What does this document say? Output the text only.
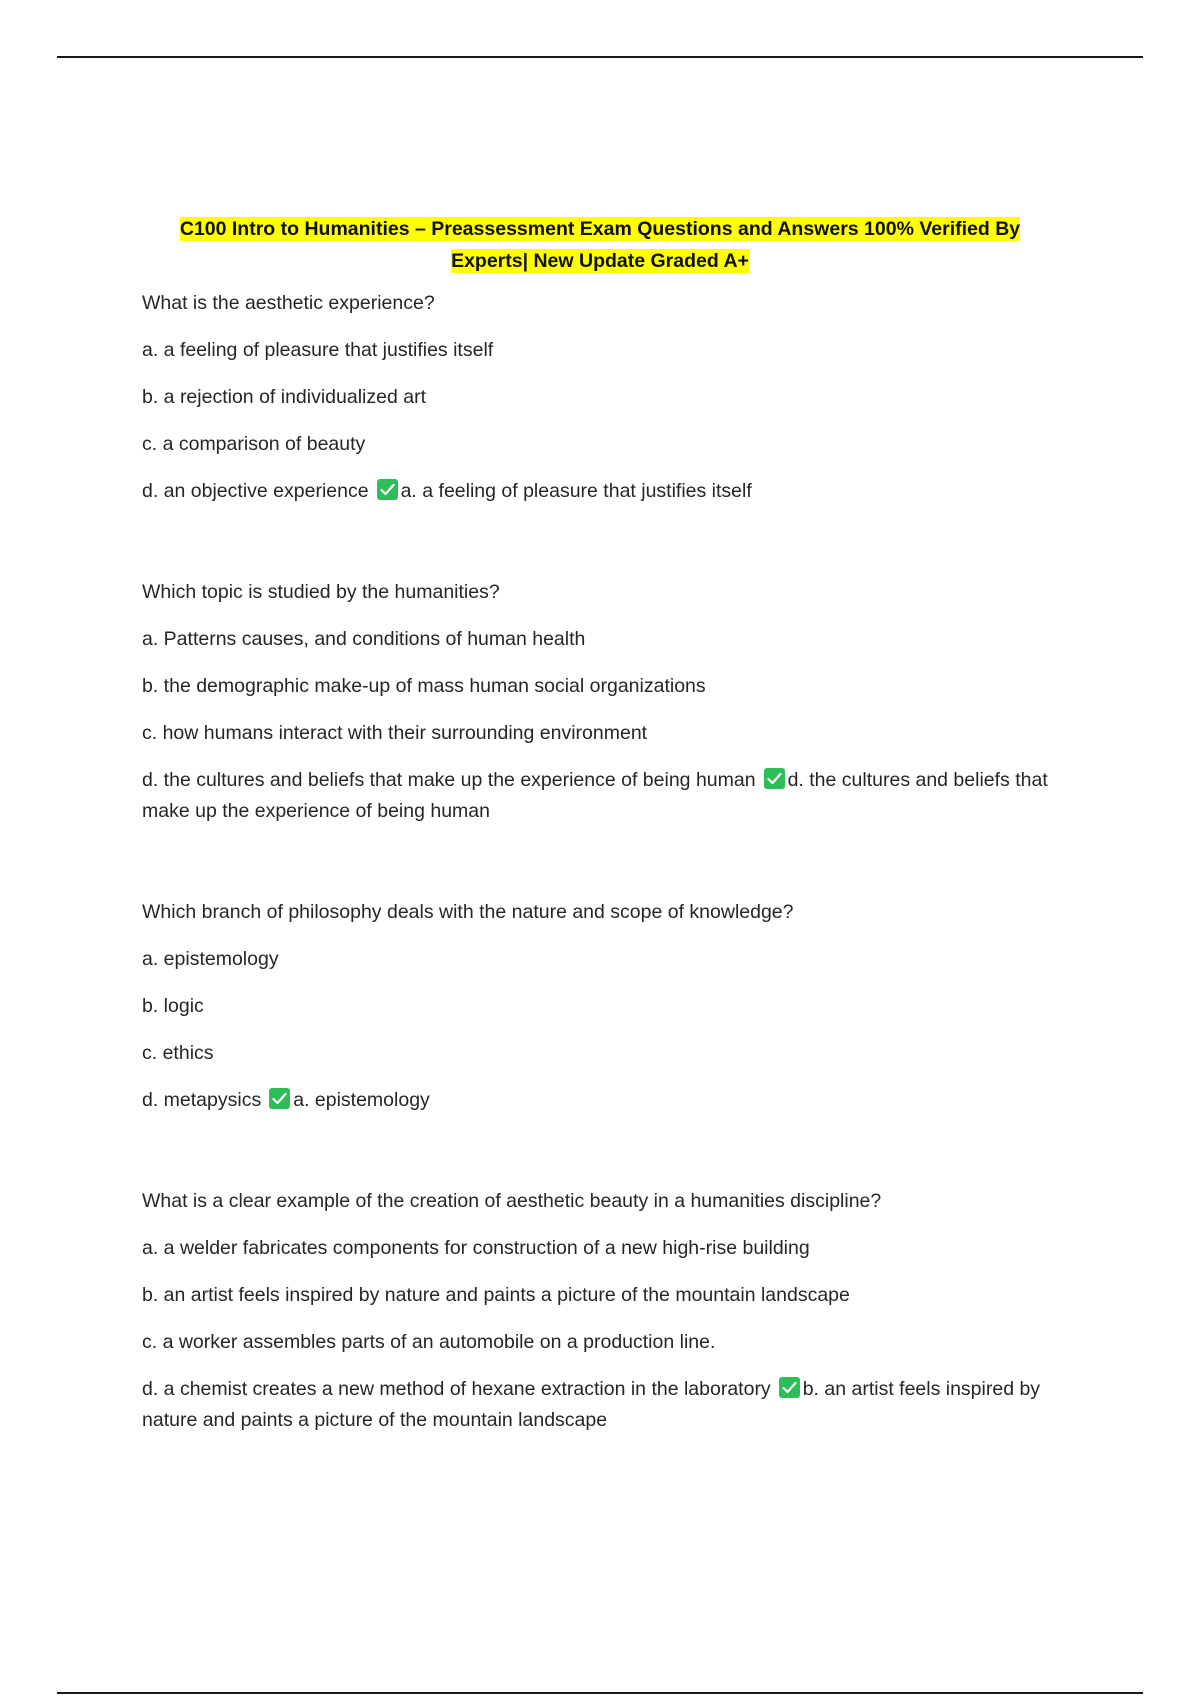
C100 Intro to Humanities – Preassessment Exam Questions and Answers 100% Verified By Experts| New Update Graded A+

What is the aesthetic experience?

a. a feeling of pleasure that justifies itself

b. a rejection of individualized art

c. a comparison of beauty

d. an objective experience a. a feeling of pleasure that justifies itself

Which topic is studied by the humanities?

a. Patterns causes, and conditions of human health

b. the demographic make-up of mass human social organizations

c. how humans interact with their surrounding environment

d. the cultures and beliefs that make up the experience of being human d. the cultures and beliefs that make up the experience of being human

Which branch of philosophy deals with the nature and scope of knowledge?

a. epistemology

b. logic

c. ethics

d. metapysics a. epistemology

What is a clear example of the creation of aesthetic beauty in a humanities discipline?

a. a welder fabricates components for construction of a new high-rise building

b. an artist feels inspired by nature and paints a picture of the mountain landscape

c. a worker assembles parts of an automobile on a production line.

d. a chemist creates a new method of hexane extraction in the laboratory b. an artist feels inspired by nature and paints a picture of the mountain landscape
